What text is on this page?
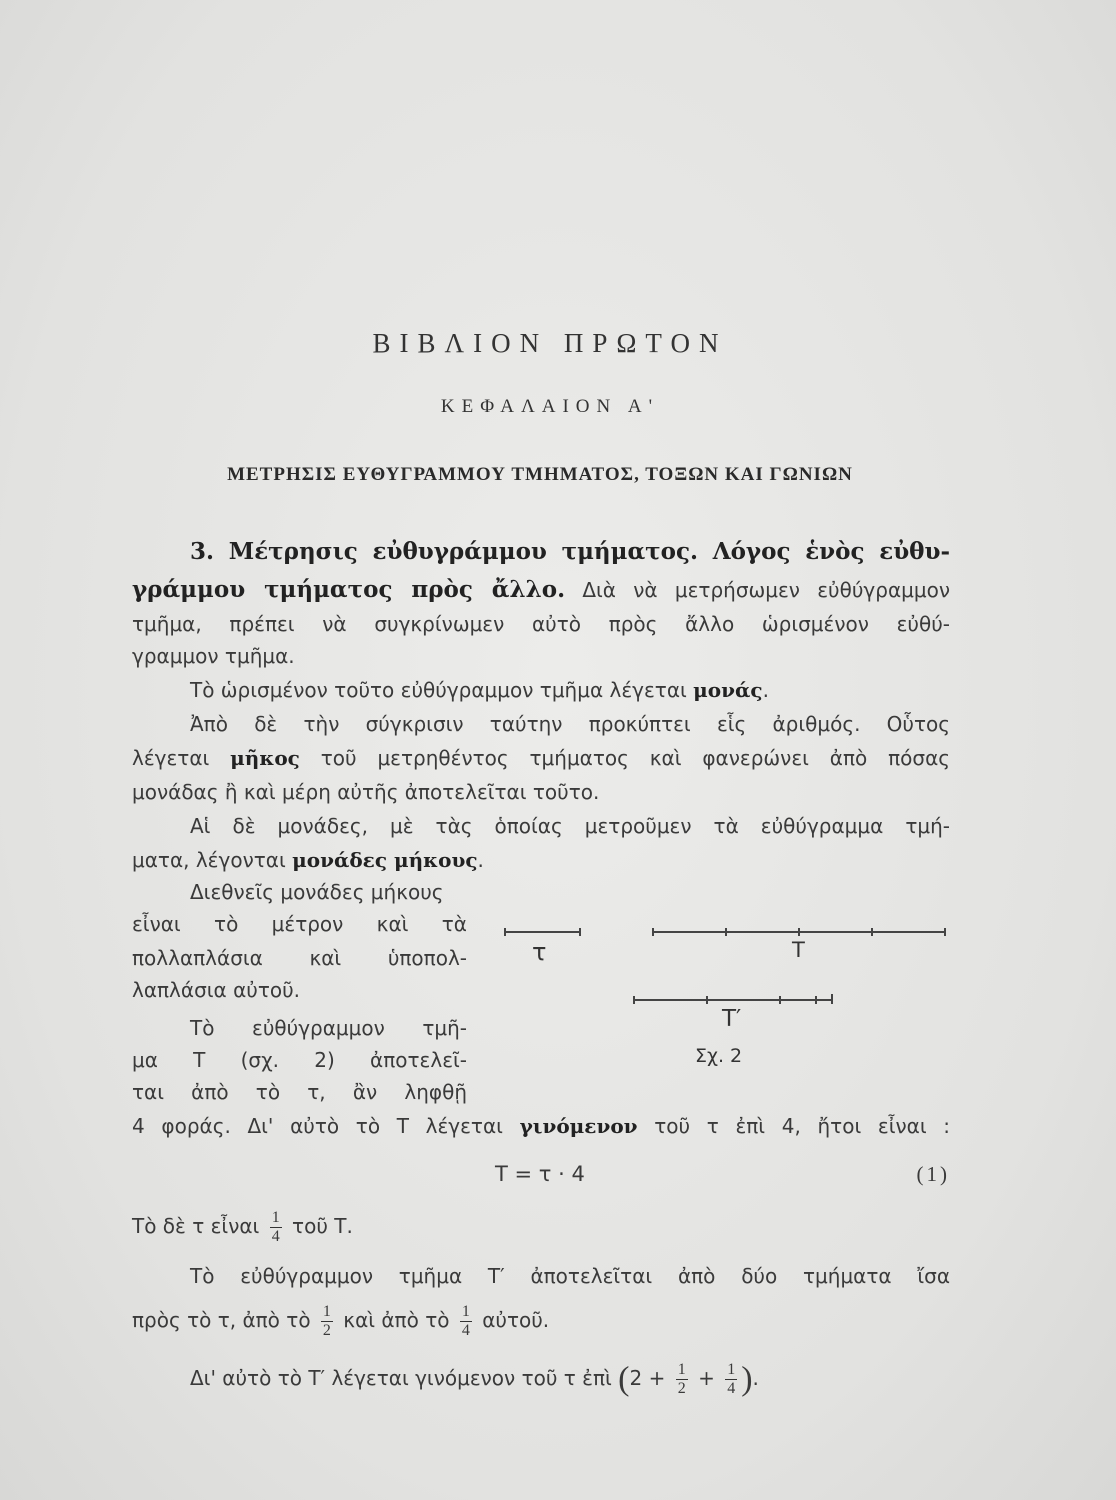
ΒΙΒΛΙΟΝ ΠΡΩΤΟΝ
ΚΕΦΑΛΑΙΟΝ Α'
ΜΕΤΡΗΣΙΣ ΕΥΘΥΓΡΑΜΜΟΥ ΤΜΗΜΑΤΟΣ, ΤΟΞΩΝ ΚΑΙ ΓΩΝΙΩΝ
3. Μέτρησις εὐθυγράμμου τμήματος. Λόγος ἑνὸς εὐθυ-
γράμμου τμήματος πρὸς ἄλλο. Διὰ νὰ μετρήσωμεν εὐθύγραμμον
τμῆμα, πρέπει νὰ συγκρίνωμεν αὐτὸ πρὸς ἄλλο ὡρισμένον εὐθύ-
γραμμον τμῆμα.
Τὸ ὡρισμένον τοῦτο εὐθύγραμμον τμῆμα λέγεται μονάς.
Ἀπὸ δὲ τὴν σύγκρισιν ταύτην προκύπτει εἷς ἀριθμός. Οὗτος
λέγεται μῆκος τοῦ μετρηθέντος τμήματος καὶ φανερώνει ἀπὸ πόσας
μονάδας ἢ καὶ μέρη αὐτῆς ἀποτελεῖται τοῦτο.
Αἱ δὲ μονάδες, μὲ τὰς ὁποίας μετροῦμεν τὰ εὐθύγραμμα τμή-
ματα, λέγονται μονάδες μήκους.
Διεθνεῖς μονάδες μήκους
εἶναι τὸ μέτρον καὶ τὰ
πολλαπλάσια καὶ ὑποπολ-
λαπλάσια αὐτοῦ.
Τὸ εὐθύγραμμον τμῆ-
μα Τ (σχ. 2) ἀποτελεῖ-
ται ἀπὸ τὸ τ, ἂν ληφθῇ
4 φοράς. Δι' αὐτὸ τὸ Τ λέγεται γινόμενον τοῦ τ ἐπὶ 4, ἤτοι εἶναι :
τ	Τ
Τ′
Σχ. 2
Τ = τ · 4	(1)
Τὸ δὲ τ εἶναι $\frac{1}{4}$ τοῦ Τ.
Τὸ εὐθύγραμμον τμῆμα Τ′ ἀποτελεῖται ἀπὸ δύο τμήματα ἴσα
πρὸς τὸ τ, ἀπὸ τὸ $\frac{1}{2}$ καὶ ἀπὸ τὸ $\frac{1}{4}$ αὐτοῦ.
Δι' αὐτὸ τὸ Τ′ λέγεται γινόμενον τοῦ τ ἐπὶ ($2 + \frac{1}{2} + \frac{1}{4}$ ).
